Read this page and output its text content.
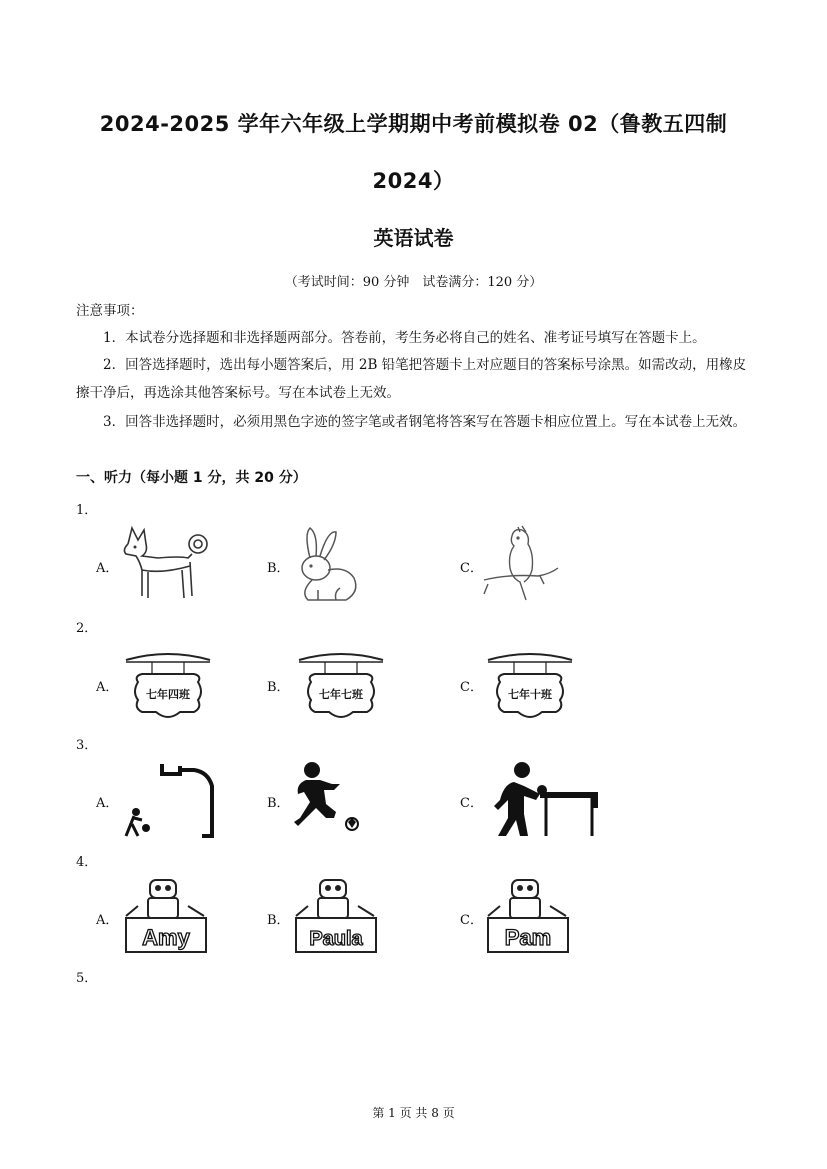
2024-2025 学年六年级上学期期中考前模拟卷 02（鲁教五四制
2024）
英语试卷
（考试时间：90 分钟　试卷满分：120 分）
注意事项：
1．本试卷分选择题和非选择题两部分。答卷前，考生务必将自己的姓名、准考证号填写在答题卡上。
2．回答选择题时，选出每小题答案后，用 2B 铅笔把答题卡上对应题目的答案标号涂黑。如需改动，用橡皮擦干净后，再选涂其他答案标号。写在本试卷上无效。
3．回答非选择题时，必须用黑色字迹的签字笔或者钢笔将答案写在答题卡相应位置上。写在本试卷上无效。
一、听力（每小题 1 分，共 20 分）
1．
A．	B．	C．
2．
A．	B．	C．
七年四班	七年七班	七年十班
3．
A．	B．	C．
4．
A．	B．	C．
Amy	Paula	Pam
5．
第 1 页 共 8 页
